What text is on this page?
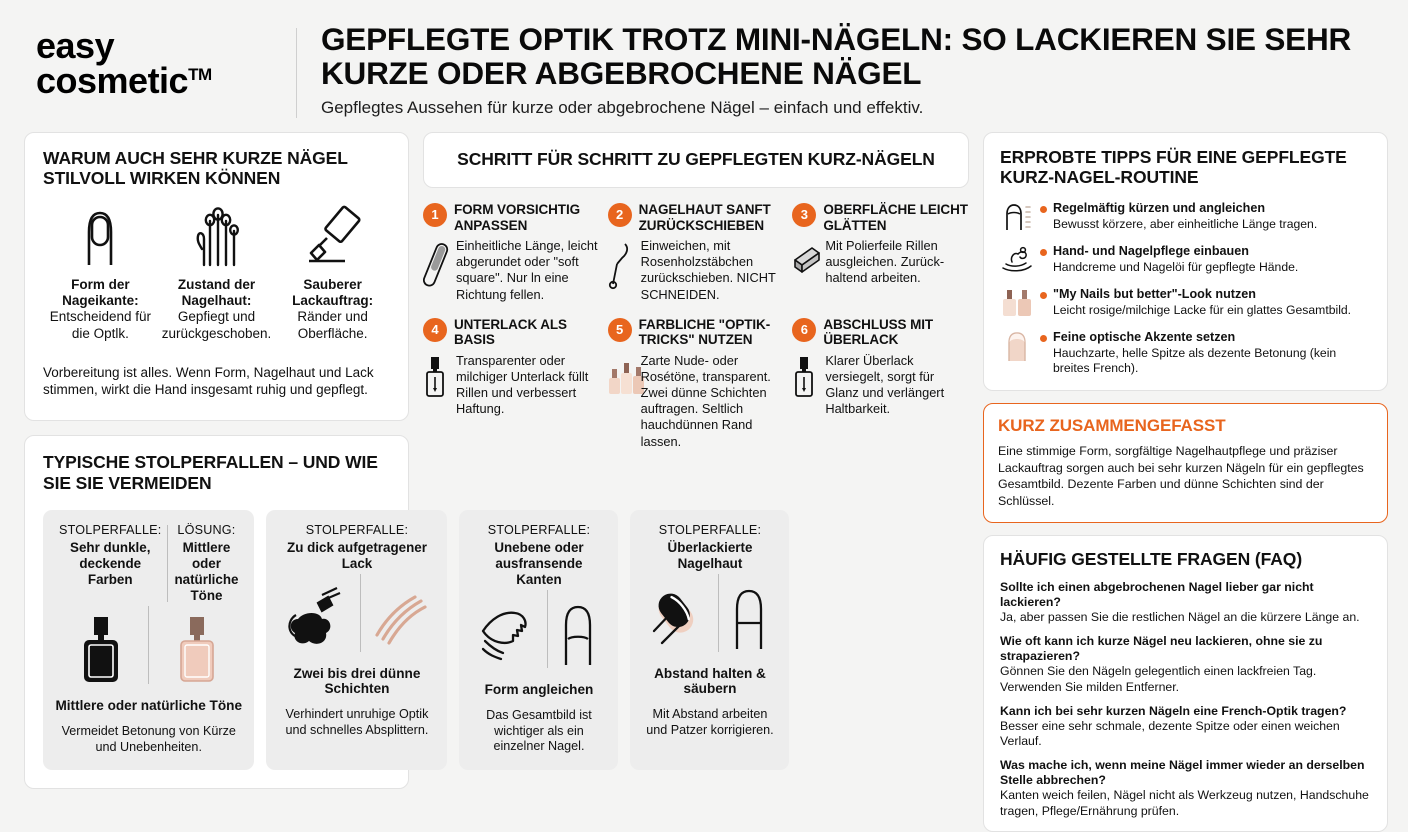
easy
cosmetic™
GEPFLEGTE OPTIK TROTZ MINI-NÄGELN: SO LACKIEREN SIE SEHR KURZE ODER ABGEBROCHENE NÄGEL
Gepflegtes Aussehen für kurze oder abgebrochene Nägel – einfach und effektiv.
WARUM AUCH SEHR KURZE NÄGEL STILVOLL WIRKEN KÖNNEN
Form der Nageikante:
Entscheidend für die Optlk.
Zustand der Nagelhaut:
Gepfiegt und zurückgeschoben.
Sauberer Lackauftrag:
Ränder und Oberfläche.
Vorbereitung ist alles. Wenn Form, Nagelhaut und Lack stimmen, wirkt die Hand insgesamt ruhig und gepflegt.
TYPISCHE STOLPERFALLEN – UND WIE SIE SIE VERMEIDEN
STOLPERFALLE:
Sehr dunkle, deckende Farben
LÖSUNG:
Mittlere oder natürliche Töne
Mittlere oder natürliche Töne
Vermeidet Betonung von Kürze und Unebenheiten.
STOLPERFALLE:
Zu dick aufgetragener Lack
Zwei bis drei dünne Schichten
Verhindert unruhige Optik und schnelles Absplittern.
STOLPERFALLE:
Unebene oder ausfransende Kanten
Form angleichen
Das Gesamtbild ist wichtiger als ein einzelner Nagel.
STOLPERFALLE:
Überlackierte Nagelhaut
Abstand halten & säubern
Mit Abstand arbeiten und Patzer korrigieren.
SCHRITT FÜR SCHRITT ZU GEPFLEGTEN KURZ-NÄGELN
1	FORM VORSICHTIG ANPASSEN
Einheitliche Länge, leicht abgerundet oder "soft square". Nur ln eine Richtung fellen.
2	NAGELHAUT SANFT ZURÜCKSCHIEBEN
Einweichen, mit Rosenholzstäbchen zurückschieben. NICHT SCHNEIDEN.
3	OBERFLÄCHE LEICHT GLÄTTEN
Mit Polierfeile Rillen ausgleichen. Zurück-haltend arbeiten.
4	UNTERLACK ALS BASIS
Transparenter oder milchiger Unterlack füllt Rillen und verbessert Haftung.
5	FARBLICHE "OPTIK-TRICKS" NUTZEN
Zarte Nude- oder Rosétöne, transparent. Zwei dünne Schichten auftragen. Seltlich hauchdünnen Rand lassen.
6	ABSCHLUSS MIT ÜBERLACK
Klarer Überlack versiegelt, sorgt für Glanz und verlängert Haltbarkeit.
ERPROBTE TIPPS FÜR EINE GEPFLEGTE KURZ-NAGEL-ROUTINE
Regelmäftig kürzen und angleichen
Bewusst körzere, aber einheitliche Länge tragen.
Hand- und Nagelpflege einbauen
Handcreme und Nagelöi für gepflegte Hände.
"My Nails but better"-Look nutzen
Leicht rosige/milchige Lacke für ein glattes Gesamtbild.
Feine optische Akzente setzen
Hauchzarte, helle Spitze als dezente Betonung (kein breites French).
KURZ ZUSAMMENGEFASST
Eine stimmige Form, sorgfältige Nagelhautpflege und präziser Lackauftrag sorgen auch bei sehr kurzen Nägeln für ein gepflegtes Gesamtbild. Dezente Farben und dünne Schichten sind der Schlüssel.
HÄUFIG GESTELLTE FRAGEN (FAQ)
Sollte ich einen abgebrochenen Nagel lieber gar nicht lackieren?
Ja, aber passen Sie die restlichen Nägel an die kürzere Länge an.
Wie oft kann ich kurze Nägel neu lackieren, ohne sie zu strapazieren?
Gönnen Sie den Nägeln gelegentlich einen lackfreien Tag. Verwenden Sie milden Entferner.
Kann ich bei sehr kurzen Nägeln eine French-Optik tragen?
Besser eine sehr schmale, dezente Spitze oder einen weichen Verlauf.
Was mache ich, wenn meine Nägel immer wieder an derselben Stelle abbrechen?
Kanten weich feilen, Nägel nicht als Werkzeug nutzen, Handschuhe tragen, Pflege/Ernährung prüfen.
